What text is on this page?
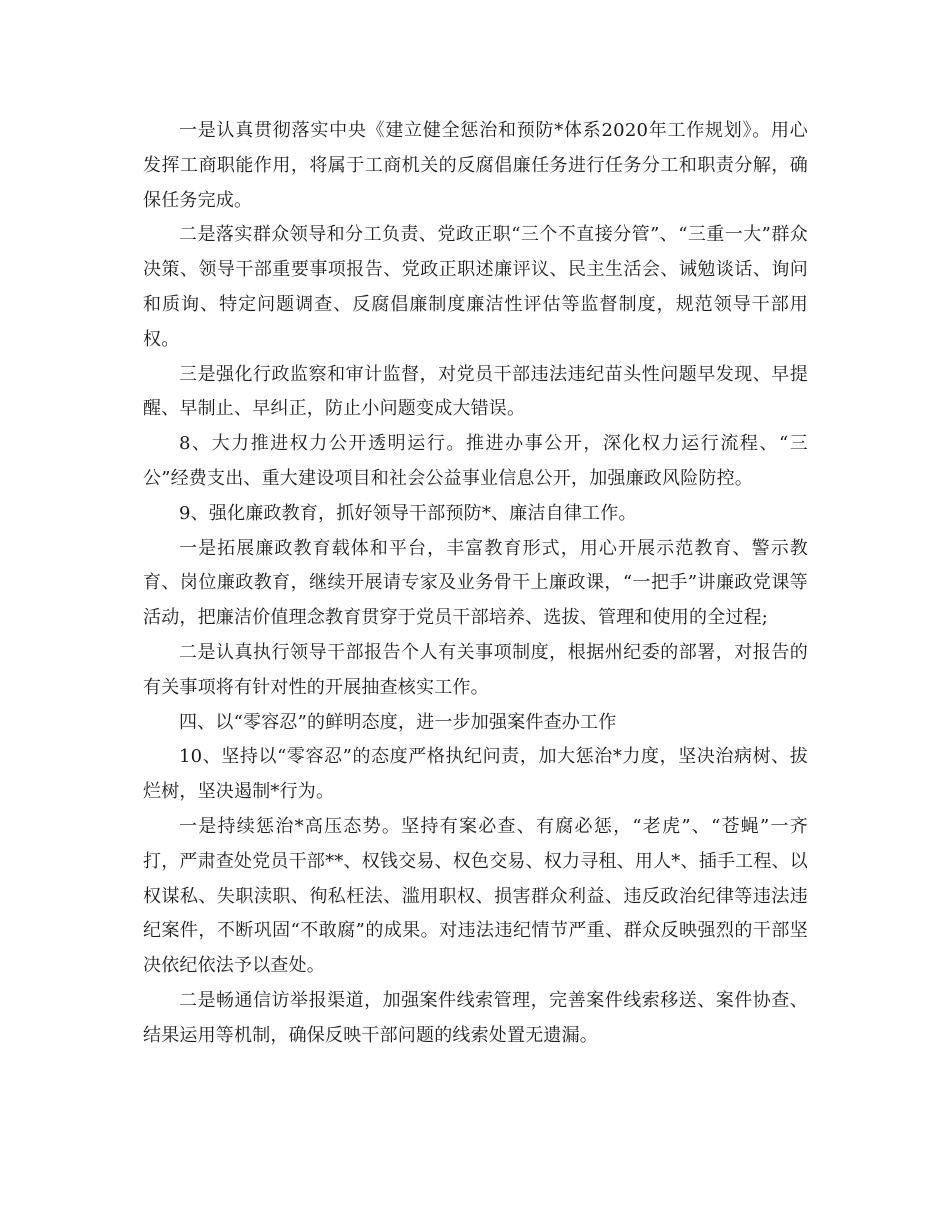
一是认真贯彻落实中央《建立健全惩治和预防*体系2020年工作规划》。用心发挥工商职能作用，将属于工商机关的反腐倡廉任务进行任务分工和职责分解，确保任务完成。

二是落实群众领导和分工负责、党政正职“三个不直接分管”、“三重一大”群众决策、领导干部重要事项报告、党政正职述廉评议、民主生活会、诫勉谈话、询问和质询、特定问题调查、反腐倡廉制度廉洁性评估等监督制度，规范领导干部用权。

三是强化行政监察和审计监督，对党员干部违法违纪苗头性问题早发现、早提醒、早制止、早纠正，防止小问题变成大错误。

8、大力推进权力公开透明运行。推进办事公开，深化权力运行流程、“三公”经费支出、重大建设项目和社会公益事业信息公开，加强廉政风险防控。

9、强化廉政教育，抓好领导干部预防*、廉洁自律工作。

一是拓展廉政教育载体和平台，丰富教育形式，用心开展示范教育、警示教育、岗位廉政教育，继续开展请专家及业务骨干上廉政课，“一把手”讲廉政党课等活动，把廉洁价值理念教育贯穿于党员干部培养、选拔、管理和使用的全过程;

二是认真执行领导干部报告个人有关事项制度，根据州纪委的部署，对报告的有关事项将有针对性的开展抽查核实工作。

四、以“零容忍”的鲜明态度，进一步加强案件查办工作

10、坚持以“零容忍”的态度严格执纪问责，加大惩治*力度，坚决治病树、拔烂树，坚决遏制*行为。

一是持续惩治*高压态势。坚持有案必查、有腐必惩，“老虎”、“苍蝇”一齐打，严肃查处党员干部**、权钱交易、权色交易、权力寻租、用人*、插手工程、以权谋私、失职渎职、徇私枉法、滥用职权、损害群众利益、违反政治纪律等违法违纪案件，不断巩固“不敢腐”的成果。对违法违纪情节严重、群众反映强烈的干部坚决依纪依法予以查处。

二是畅通信访举报渠道，加强案件线索管理，完善案件线索移送、案件协查、结果运用等机制，确保反映干部问题的线索处置无遗漏。
